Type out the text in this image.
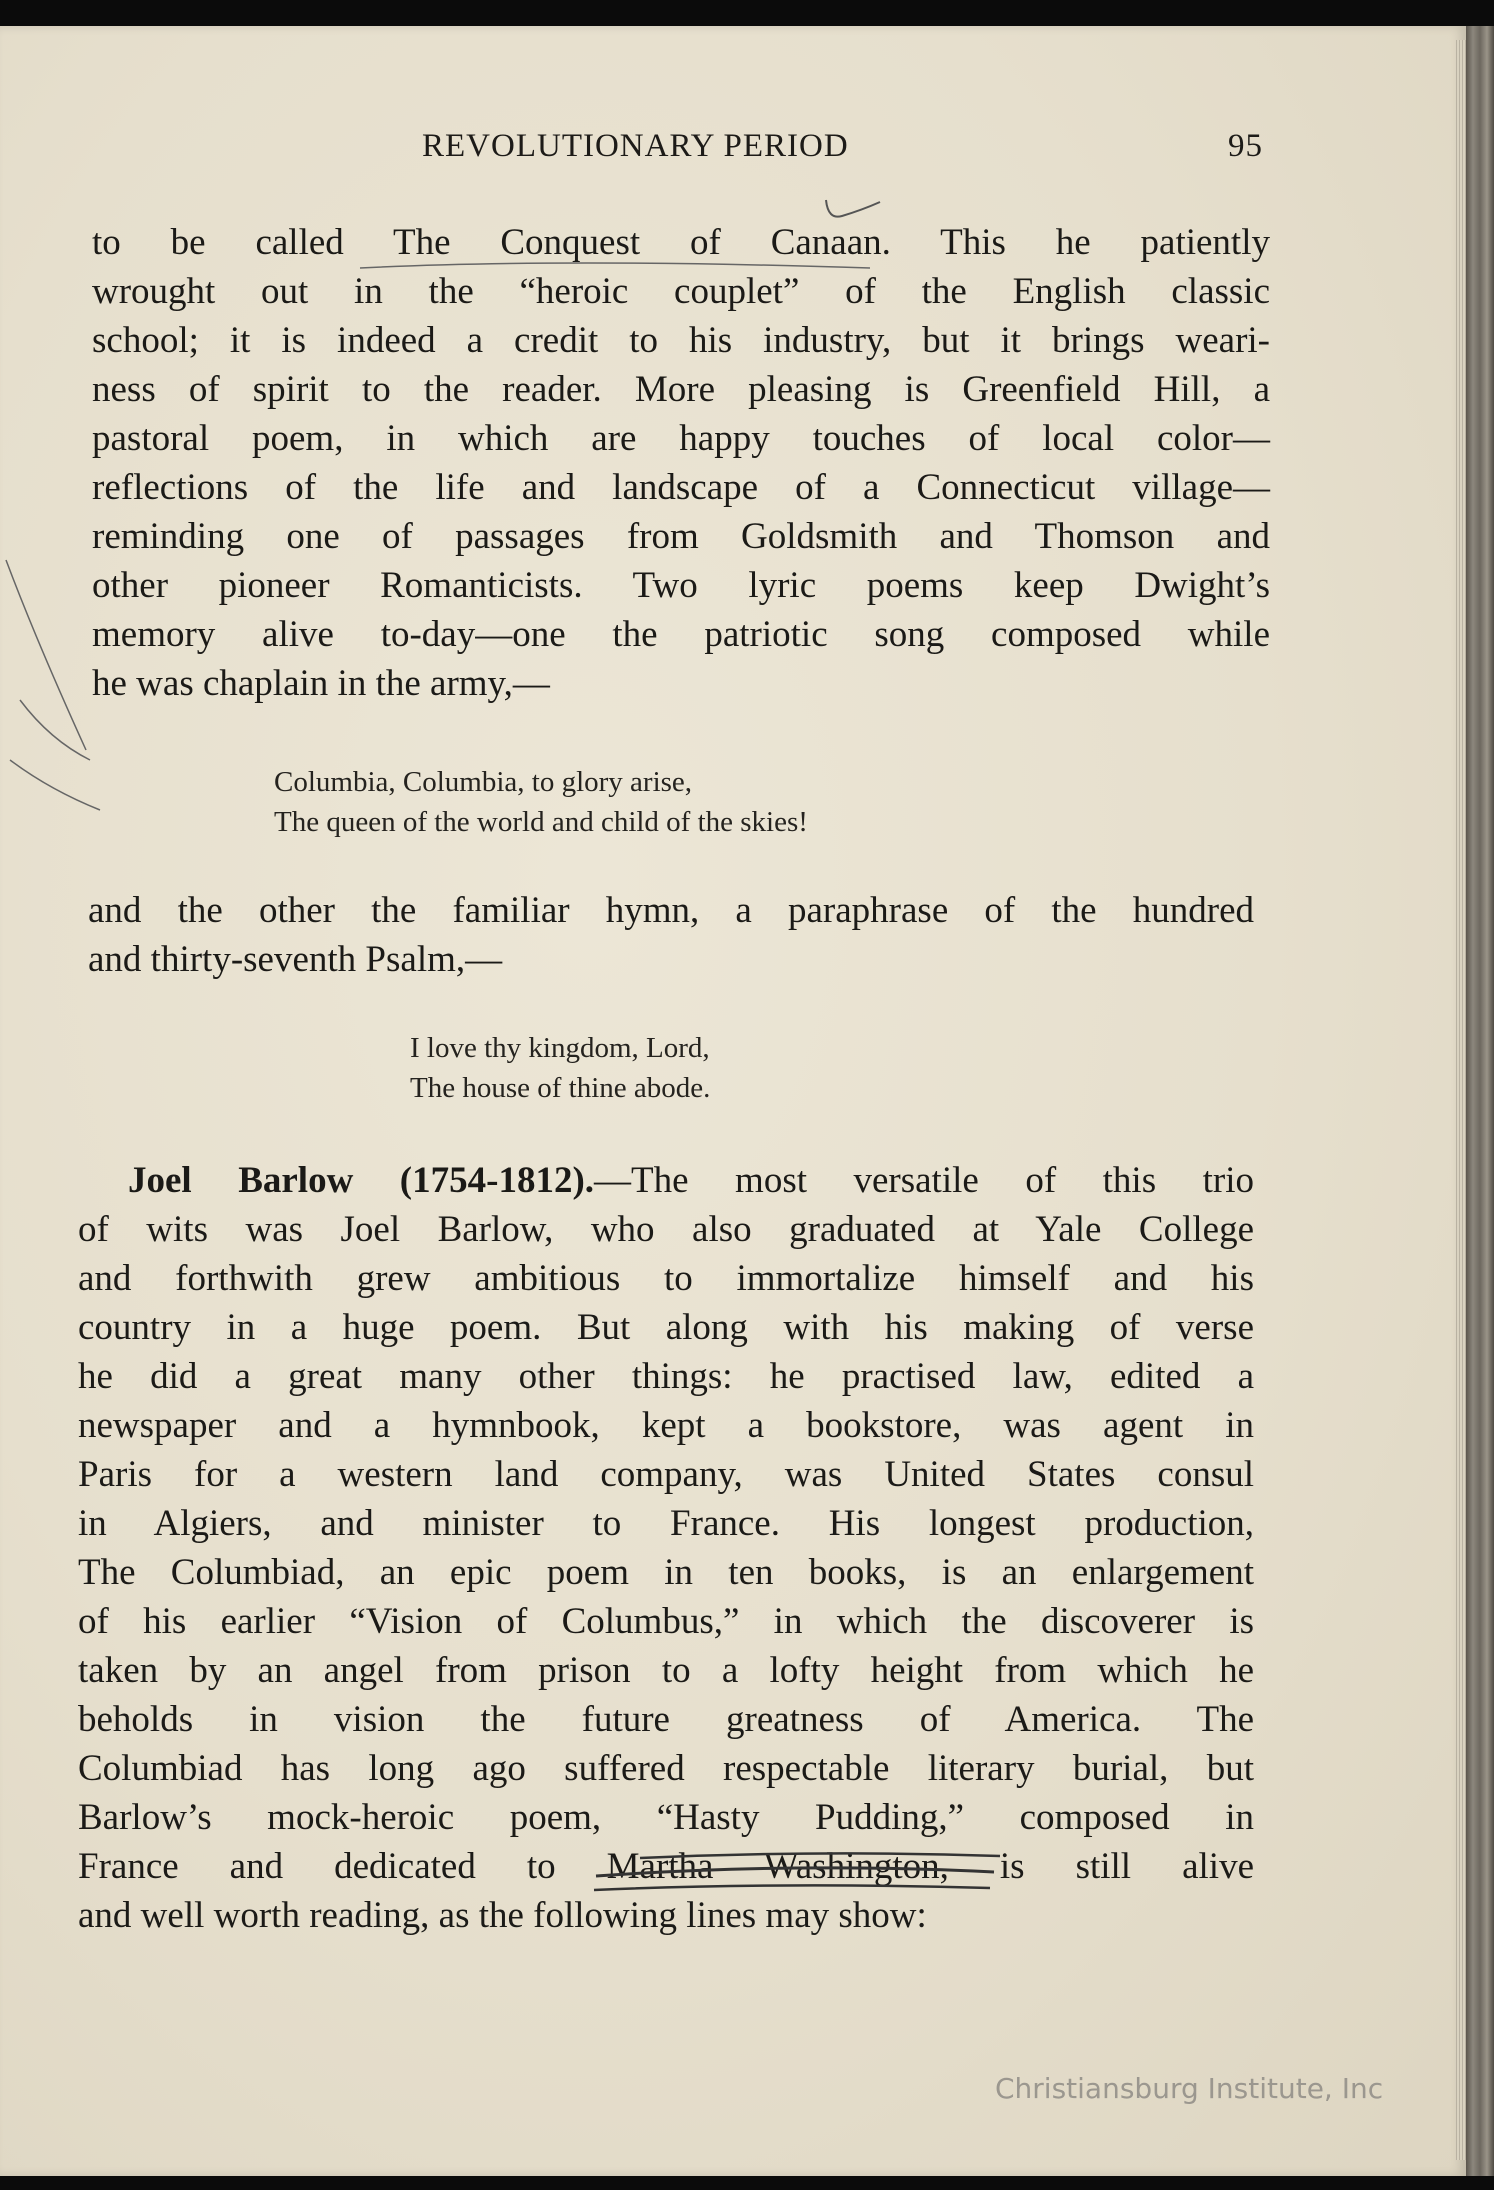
REVOLUTIONARY PERIOD	95
to be called The Conquest of Canaan. This he patiently
wrought out in the “heroic couplet” of the English classic
school; it is indeed a credit to his industry, but it brings weari-
ness of spirit to the reader. More pleasing is Greenfield Hill, a
pastoral poem, in which are happy touches of local color—
reflections of the life and landscape of a Connecticut village—
reminding one of passages from Goldsmith and Thomson and
other pioneer Romanticists. Two lyric poems keep Dwight’s
memory alive to-day—one the patriotic song composed while
he was chaplain in the army,—
Columbia, Columbia, to glory arise,
The queen of the world and child of the skies!
and the other the familiar hymn, a paraphrase of the hundred
and thirty-seventh Psalm,—
I love thy kingdom, Lord,
The house of thine abode.
Joel Barlow (1754-1812).—The most versatile of this trio
of wits was Joel Barlow, who also graduated at Yale College
and forthwith grew ambitious to immortalize himself and his
country in a huge poem. But along with his making of verse
he did a great many other things: he practised law, edited a
newspaper and a hymnbook, kept a bookstore, was agent in
Paris for a western land company, was United States consul
in Algiers, and minister to France. His longest production,
The Columbiad, an epic poem in ten books, is an enlargement
of his earlier “Vision of Columbus,” in which the discoverer is
taken by an angel from prison to a lofty height from which he
beholds in vision the future greatness of America. The
Columbiad has long ago suffered respectable literary burial, but
Barlow’s mock-heroic poem, “Hasty Pudding,” composed in
France and dedicated to Martha Washington, is still alive
and well worth reading, as the following lines may show:
Christiansburg Institute, Inc
